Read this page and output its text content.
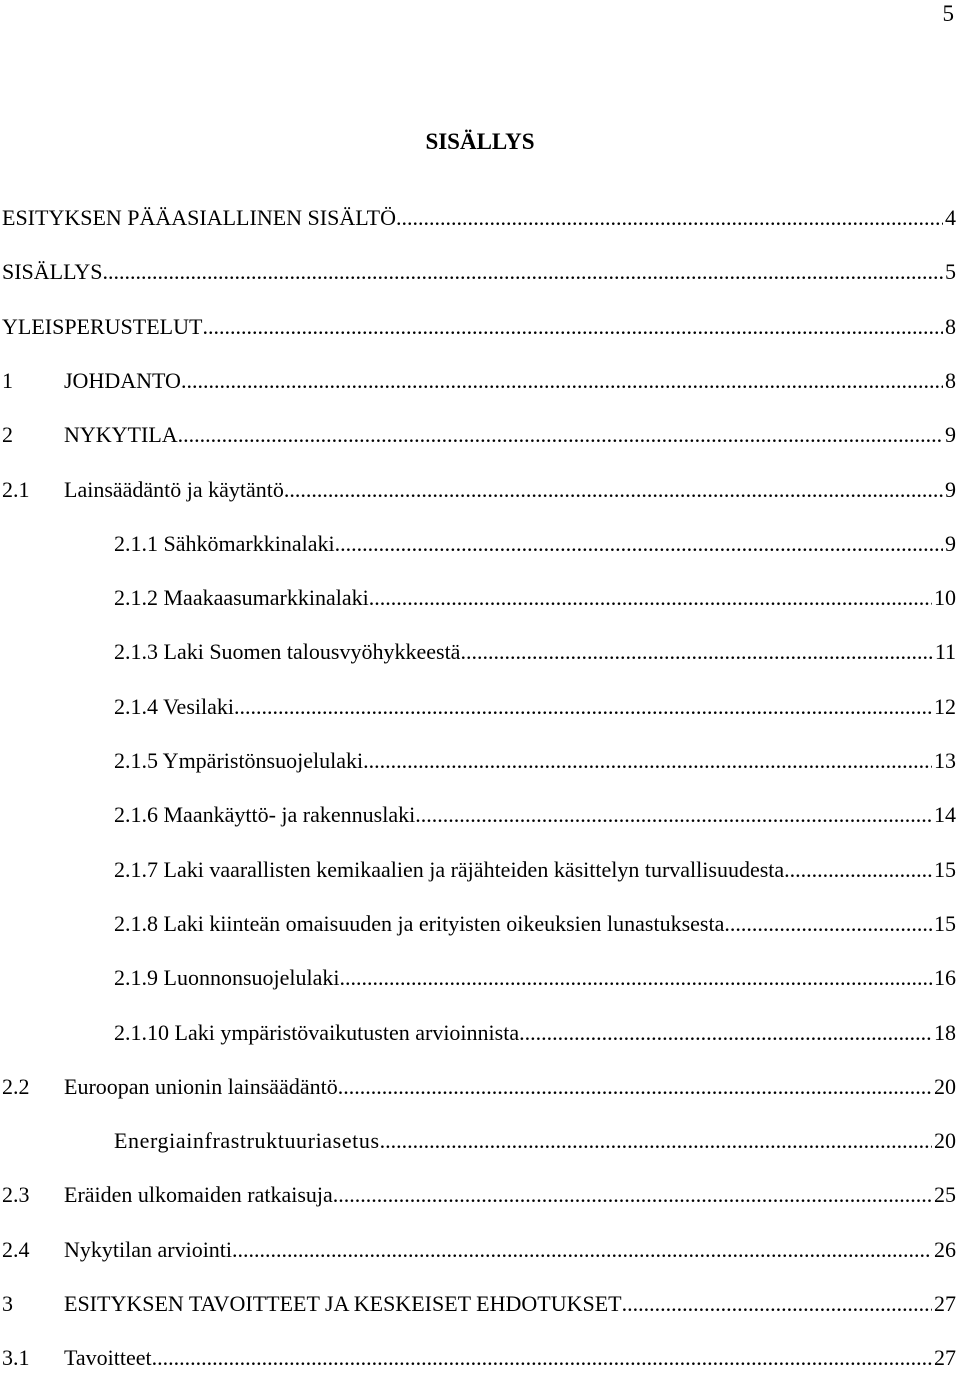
5
SISÄLLYS
ESITYKSEN PÄÄASIALLINEN SISÄLTÖ .....	4
SISÄLLYS .....	5
YLEISPERUSTELUT .....	8
1 JOHDANTO .....	8
2 NYKYTILA .....	9
2.1 Lainsäädäntö ja käytäntö .....	9
2.1.1 Sähkömarkkinalaki .....	9
2.1.2 Maakaasumarkkinalaki .....	10
2.1.3 Laki Suomen talousvyöhykkeestä .....	11
2.1.4 Vesilaki .....	12
2.1.5 Ympäristönsuojelulaki .....	13
2.1.6 Maankäyttö- ja rakennuslaki .....	14
2.1.7 Laki vaarallisten kemikaalien ja räjähteiden käsittelyn turvallisuudesta .....	15
2.1.8 Laki kiinteän omaisuuden ja erityisten oikeuksien lunastuksesta .....	15
2.1.9 Luonnonsuojelulaki .....	16
2.1.10 Laki ympäristövaikutusten arvioinnista .....	18
2.2 Euroopan unionin lainsäädäntö .....	20
Energiainfrastruktuuriasetus .....	20
2.3 Eräiden ulkomaiden ratkaisuja .....	25
2.4 Nykytilan arviointi .....	26
3 ESITYKSEN TAVOITTEET JA KESKEISET EHDOTUKSET .....	27
3.1 Tavoitteet .....	27
